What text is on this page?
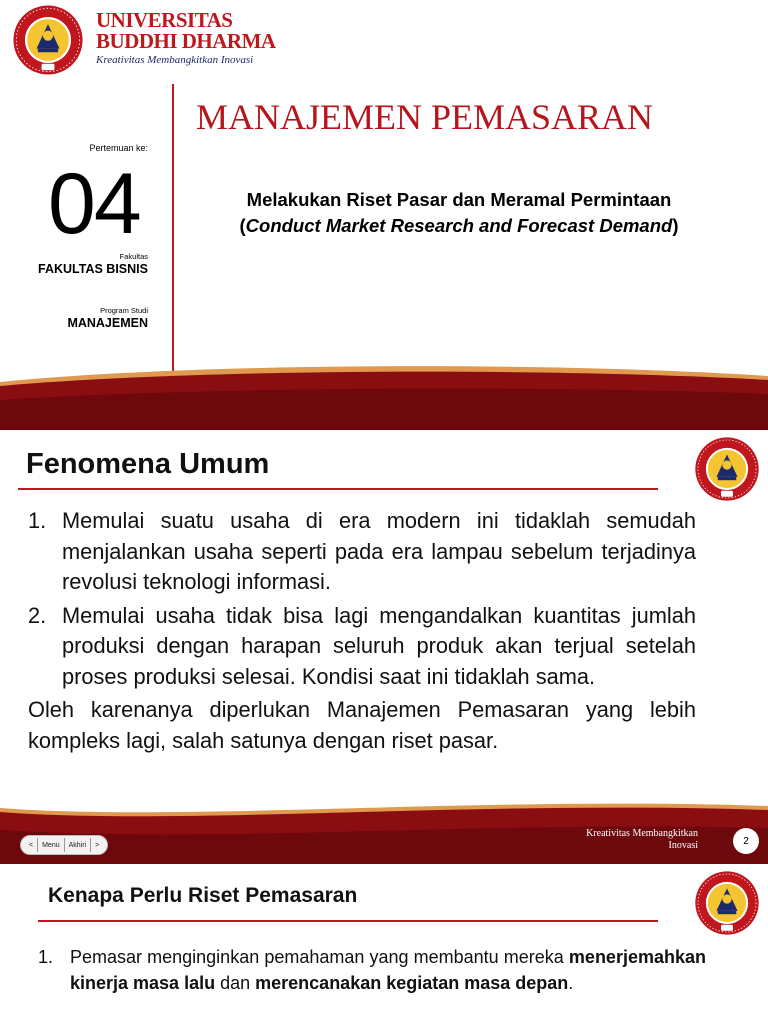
UNIVERSITAS
BUDDHI DHARMA
Kreativitas Membangkitkan Inovasi
MANAJEMEN PEMASARAN
Pertemuan ke:
04
Fakultas
FAKULTAS BISNIS
Program Studi
MANAJEMEN
Melakukan Riset Pasar dan Meramal Permintaan
(Conduct Market Research and Forecast Demand)
Fenomena Umum
1. Memulai suatu usaha di era modern ini tidaklah semudah menjalankan usaha seperti pada era lampau sebelum terjadinya revolusi teknologi informasi.
2. Memulai usaha tidak bisa lagi mengandalkan kuantitas jumlah produksi dengan harapan seluruh produk akan terjual setelah proses produksi selesai. Kondisi saat ini tidaklah sama.
Oleh karenanya diperlukan Manajemen Pemasaran yang lebih kompleks lagi, salah satunya dengan riset pasar.
<	Menu	Akhiri	>
Kreativitas Membangkitkan
Inovasi	2
Kenapa Perlu Riset Pemasaran
1. Pemasar menginginkan pemahaman yang membantu mereka menerjemahkan kinerja masa lalu dan merencanakan kegiatan masa depan.
